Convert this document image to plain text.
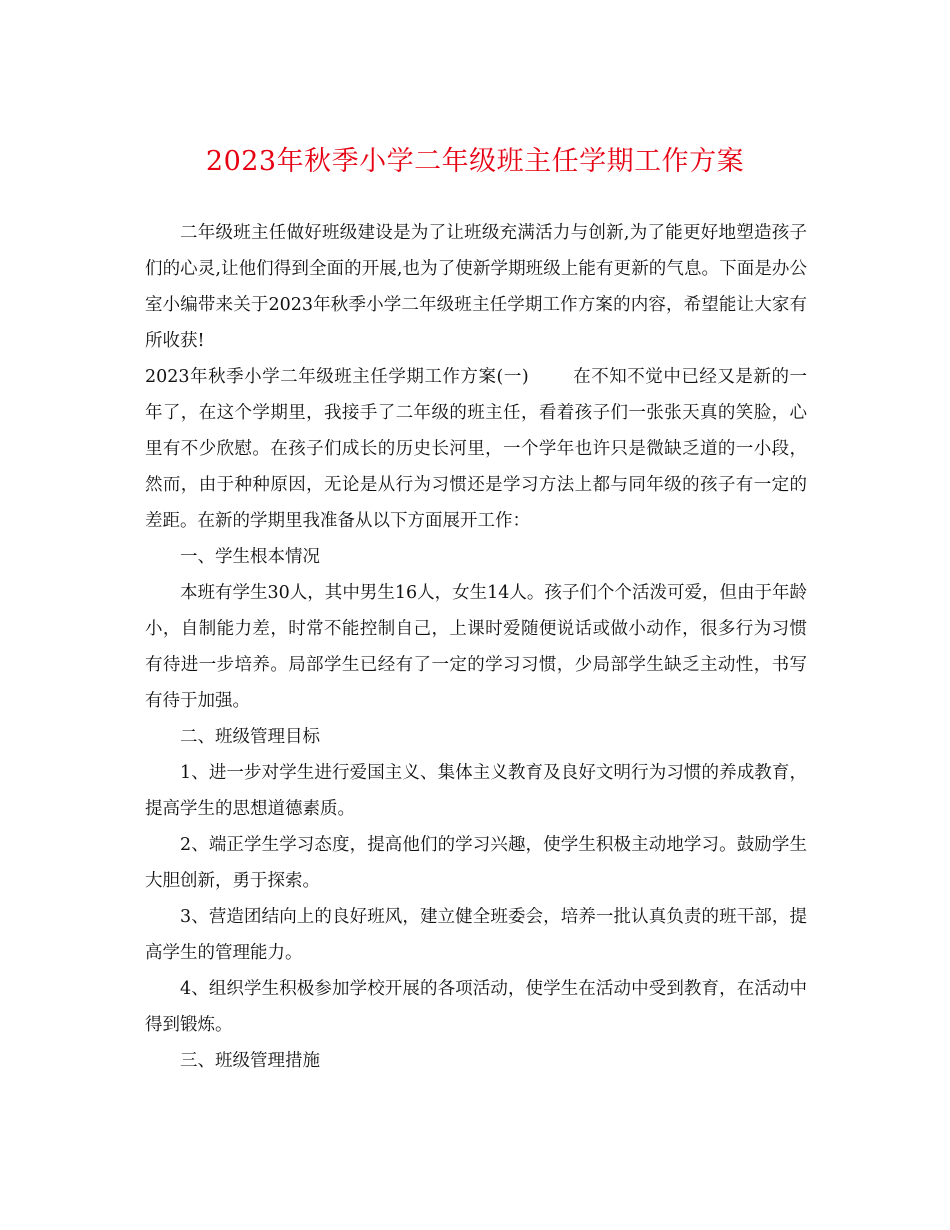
2023年秋季小学二年级班主任学期工作方案

二年级班主任做好班级建设是为了让班级充满活力与创新,为了能更好地塑造孩子们的心灵,让他们得到全面的开展,也为了使新学期班级上能有更新的气息。下面是办公室小编带来关于2023年秋季小学二年级班主任学期工作方案的内容，希望能让大家有所收获!

2023年秋季小学二年级班主任学期工作方案(一)	在不知不觉中已经又是新的一年了，在这个学期里，我接手了二年级的班主任，看着孩子们一张张天真的笑脸，心里有不少欣慰。在孩子们成长的历史长河里，一个学年也许只是微缺乏道的一小段，然而，由于种种原因，无论是从行为习惯还是学习方法上都与同年级的孩子有一定的差距。在新的学期里我准备从以下方面展开工作：

一、学生根本情况

本班有学生30人，其中男生16人，女生14人。孩子们个个活泼可爱，但由于年龄小，自制能力差，时常不能控制自己，上课时爱随便说话或做小动作，很多行为习惯有待进一步培养。局部学生已经有了一定的学习习惯，少局部学生缺乏主动性，书写有待于加强。

二、班级管理目标

1、进一步对学生进行爱国主义、集体主义教育及良好文明行为习惯的养成教育，提高学生的思想道德素质。

2、端正学生学习态度，提高他们的学习兴趣，使学生积极主动地学习。鼓励学生大胆创新，勇于探索。

3、营造团结向上的良好班风，建立健全班委会，培养一批认真负责的班干部，提高学生的管理能力。

4、组织学生积极参加学校开展的各项活动，使学生在活动中受到教育，在活动中得到锻炼。

三、班级管理措施
